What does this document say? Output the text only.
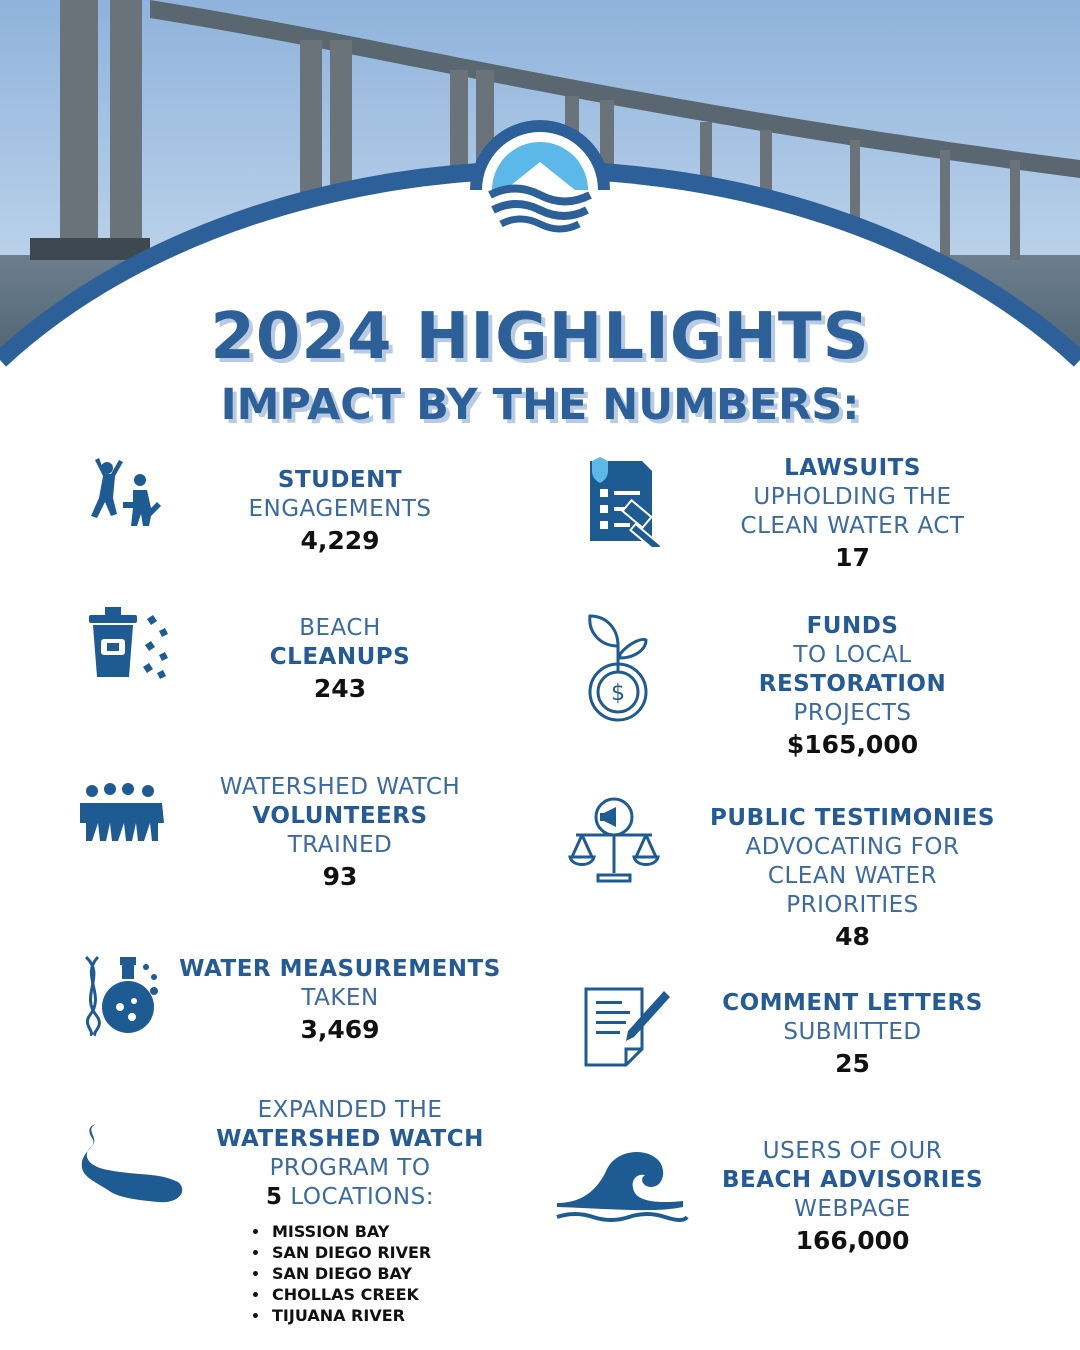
2024 HIGHLIGHTS
IMPACT BY THE NUMBERS:
STUDENT
ENGAGEMENTS
4,229
BEACH
CLEANUPS
243
WATERSHED WATCH
VOLUNTEERS
TRAINED
93
WATER MEASUREMENTS
TAKEN
3,469
EXPANDED THE
WATERSHED WATCH
PROGRAM TO
5 LOCATIONS:
• MISSION BAY
• SAN DIEGO RIVER
• SAN DIEGO BAY
• CHOLLAS CREEK
• TIJUANA RIVER
LAWSUITS
UPHOLDING THE
CLEAN WATER ACT
17
$
FUNDS
TO LOCAL
RESTORATION
PROJECTS
$165,000
PUBLIC TESTIMONIES
ADVOCATING FOR
CLEAN WATER
PRIORITIES
48
COMMENT LETTERS
SUBMITTED
25
USERS OF OUR
BEACH ADVISORIES
WEBPAGE
166,000
